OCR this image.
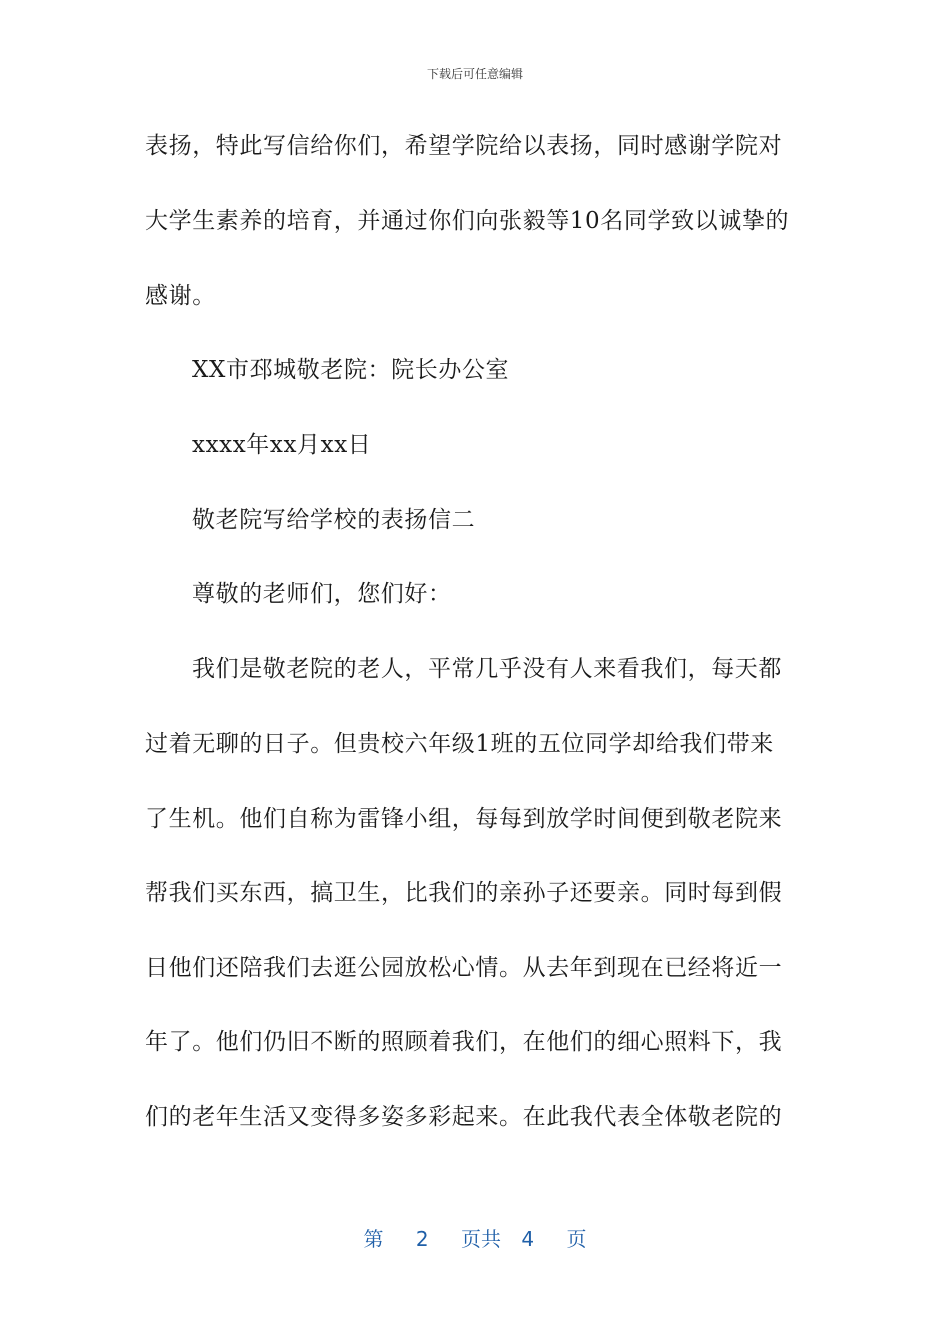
下载后可任意编辑
表扬，特此写信给你们，希望学院给以表扬，同时感谢学院对
大学生素养的培育，并通过你们向张毅等10名同学致以诚挚的
感谢。
XX市邳城敬老院：院长办公室
xxxx年xx月xx日
敬老院写给学校的表扬信二
尊敬的老师们，您们好：
我们是敬老院的老人，平常几乎没有人来看我们，每天都
过着无聊的日子。但贵校六年级1班的五位同学却给我们带来
了生机。他们自称为雷锋小组，每每到放学时间便到敬老院来
帮我们买东西，搞卫生，比我们的亲孙子还要亲。同时每到假
日他们还陪我们去逛公园放松心情。从去年到现在已经将近一
年了。他们仍旧不断的照顾着我们，在他们的细心照料下，我
们的老年生活又变得多姿多彩起来。在此我代表全体敬老院的
第 2 页共 4 页
